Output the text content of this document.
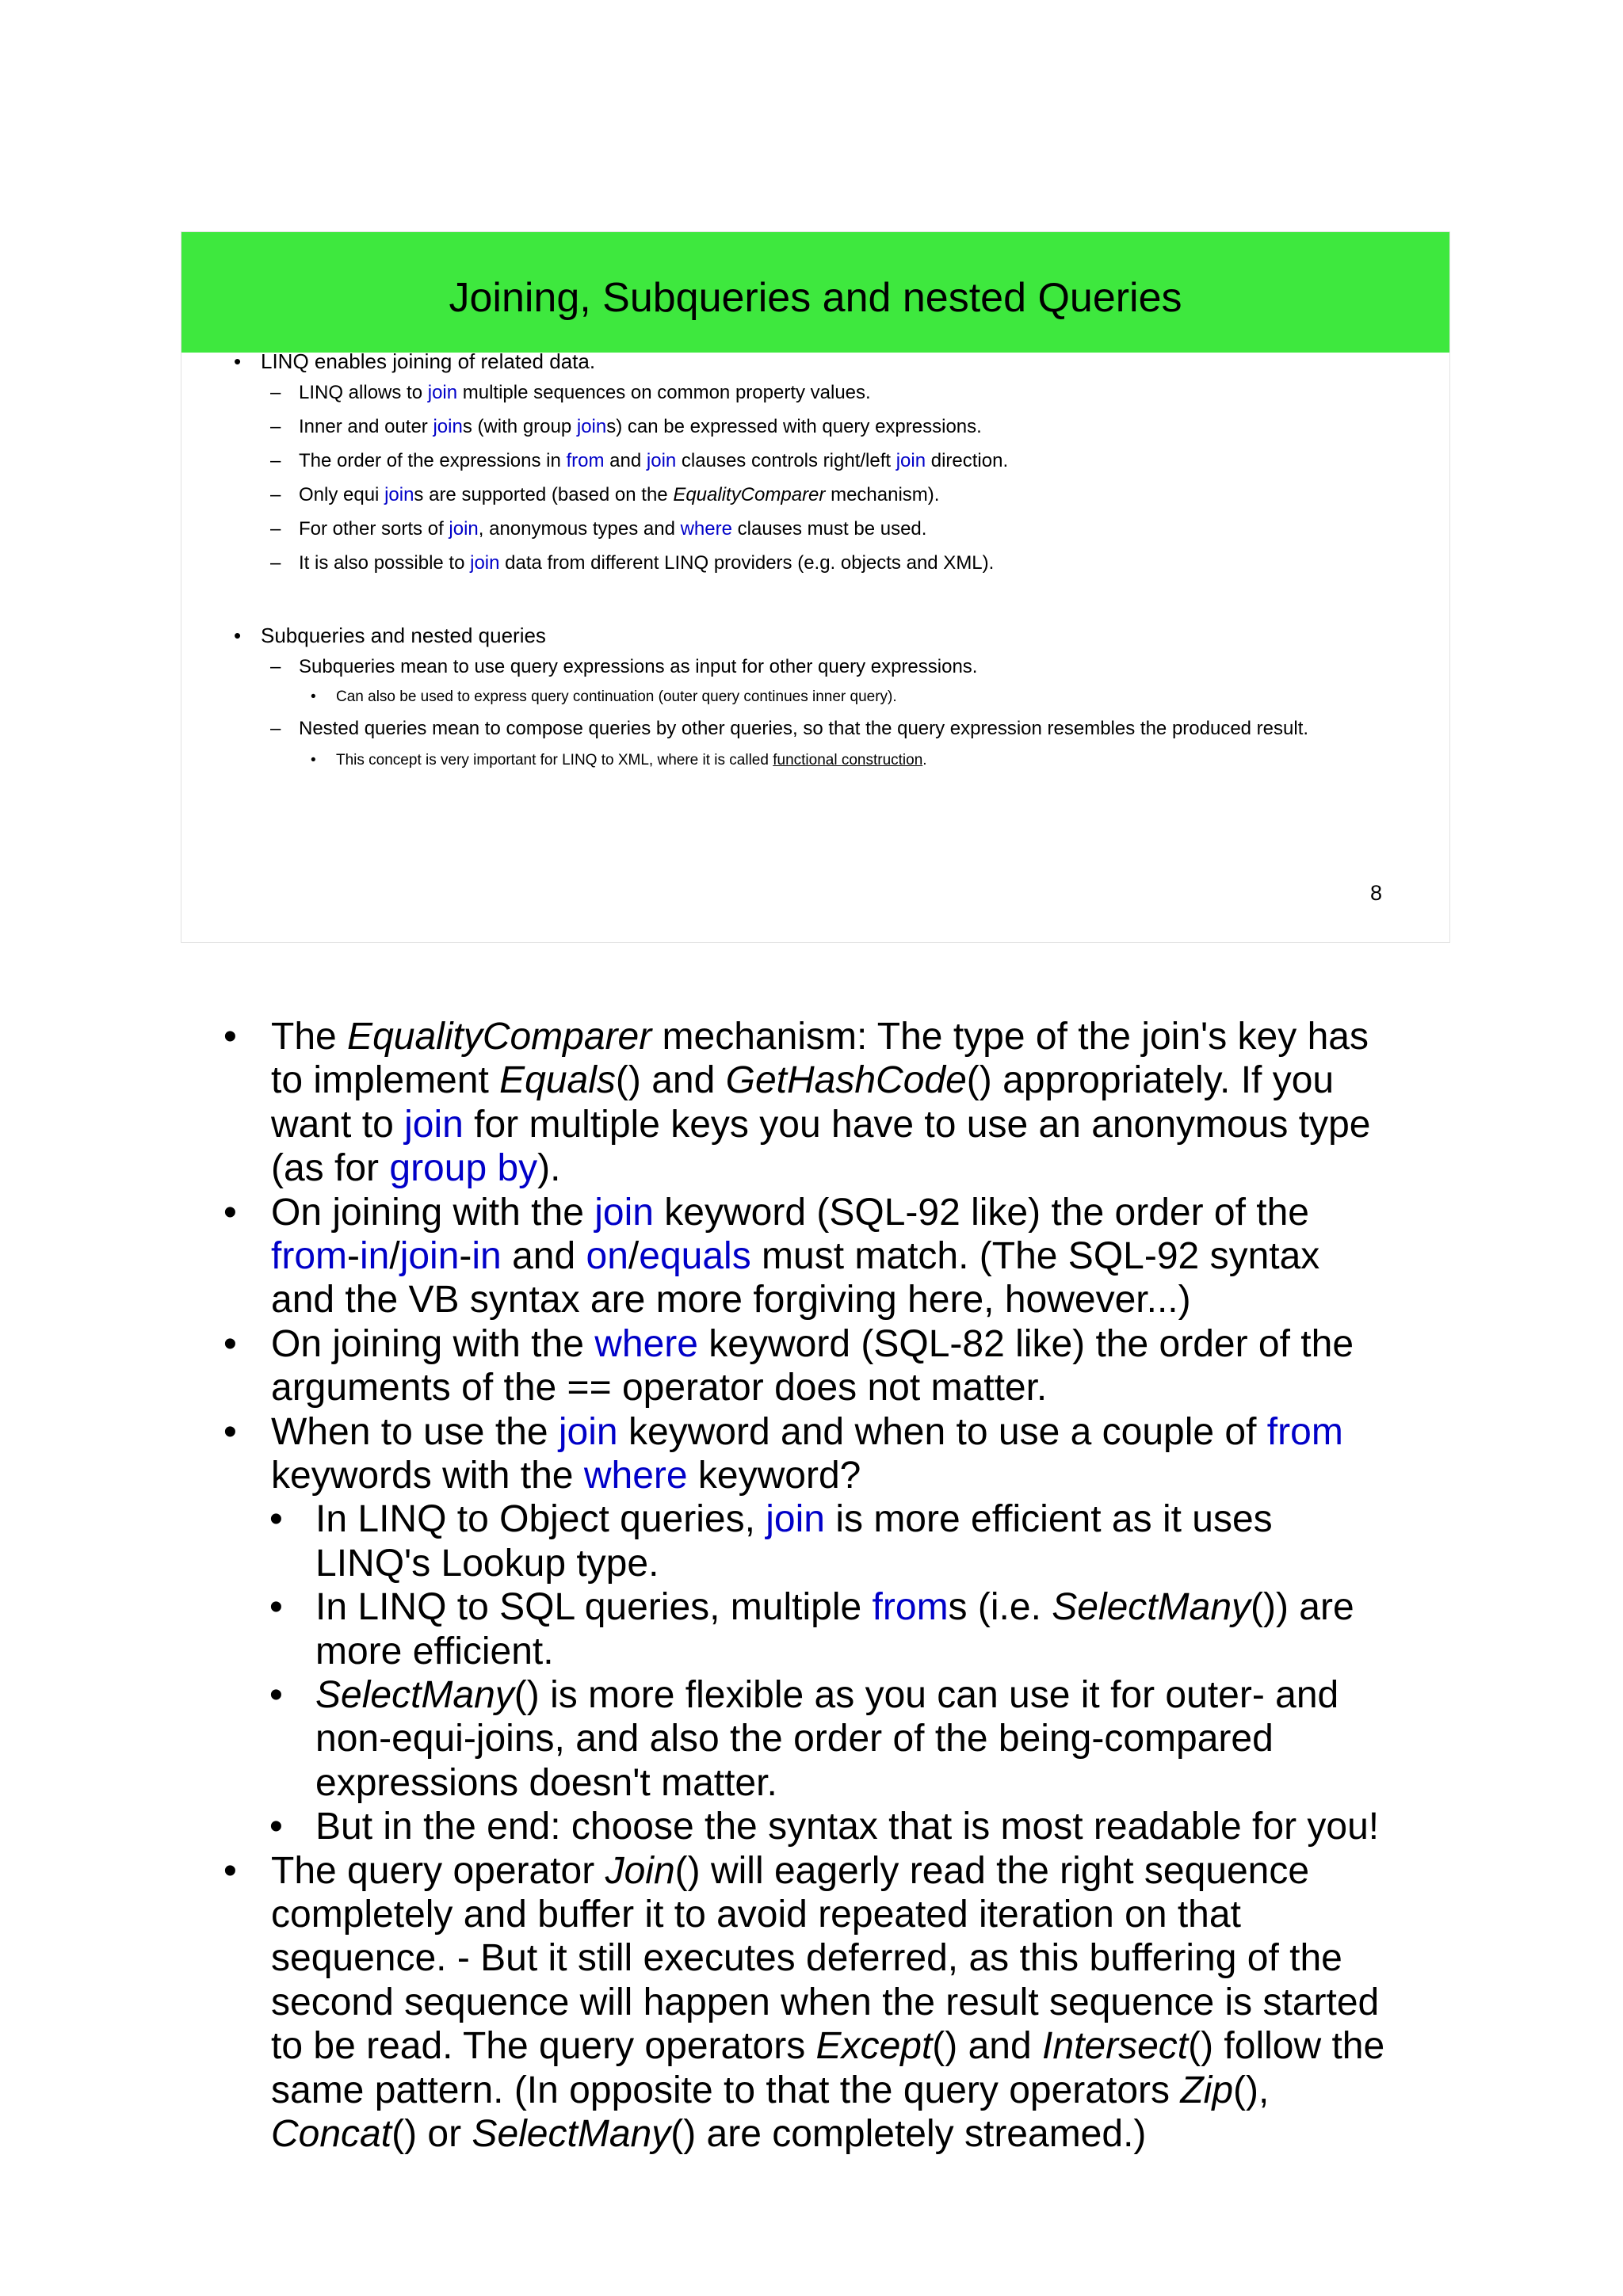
Joining, Subqueries and nested Queries
• LINQ enables joining of related data.
– LINQ allows to join multiple sequences on common property values.
– Inner and outer joins (with group joins) can be expressed with query expressions.
– The order of the expressions in from and join clauses controls right/left join direction.
– Only equi joins are supported (based on the EqualityComparer mechanism).
– For other sorts of join, anonymous types and where clauses must be used.
– It is also possible to join data from different LINQ providers (e.g. objects and XML).
• Subqueries and nested queries
– Subqueries mean to use query expressions as input for other query expressions.
• Can also be used to express query continuation (outer query continues inner query).
– Nested queries mean to compose queries by other queries, so that the query expression resembles the produced result.
• This concept is very important for LINQ to XML, where it is called functional construction.
8
• The EqualityComparer mechanism: The type of the join's key has
to implement Equals() and GetHashCode() appropriately. If you
want to join for multiple keys you have to use an anonymous type
(as for group by).
• On joining with the join keyword (SQL-92 like) the order of the
from-in/join-in and on/equals must match. (The SQL-92 syntax
and the VB syntax are more forgiving here, however...)
• On joining with the where keyword (SQL-82 like) the order of the
arguments of the == operator does not matter.
• When to use the join keyword and when to use a couple of from
keywords with the where keyword?
• In LINQ to Object queries, join is more efficient as it uses
LINQ's Lookup type.
• In LINQ to SQL queries, multiple froms (i.e. SelectMany()) are
more efficient.
• SelectMany() is more flexible as you can use it for outer- and
non-equi-joins, and also the order of the being-compared
expressions doesn't matter.
• But in the end: choose the syntax that is most readable for you!
• The query operator Join() will eagerly read the right sequence
completely and buffer it to avoid repeated iteration on that
sequence. - But it still executes deferred, as this buffering of the
second sequence will happen when the result sequence is started
to be read. The query operators Except() and Intersect() follow the
same pattern. (In opposite to that the query operators Zip(),
Concat() or SelectMany() are completely streamed.)
